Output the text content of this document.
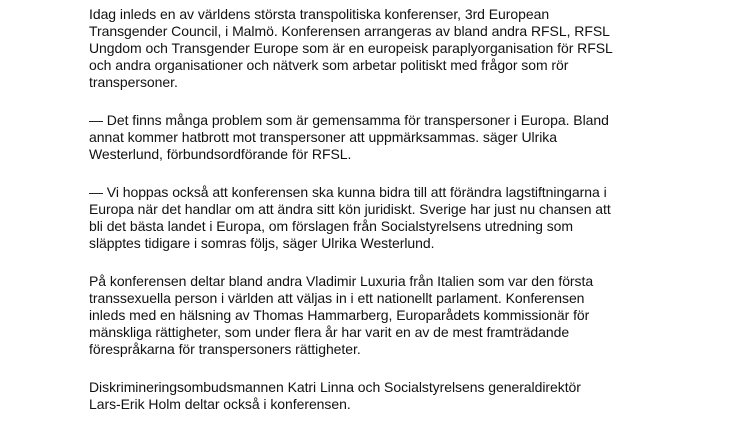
Idag inleds en av världens största transpolitiska konferenser, 3rd European
Transgender Council, i Malmö. Konferensen arrangeras av bland andra RFSL, RFSL
Ungdom och Transgender Europe som är en europeisk paraplyorganisation för RFSL
och andra organisationer och nätverk som arbetar politiskt med frågor som rör
transpersoner.

— Det finns många problem som är gemensamma för transpersoner i Europa. Bland
annat kommer hatbrott mot transpersoner att uppmärksammas. säger Ulrika
Westerlund, förbundsordförande för RFSL.

— Vi hoppas också att konferensen ska kunna bidra till att förändra lagstiftningarna i
Europa när det handlar om att ändra sitt kön juridiskt. Sverige har just nu chansen att
bli det bästa landet i Europa, om förslagen från Socialstyrelsens utredning som
släpptes tidigare i somras följs, säger Ulrika Westerlund.

På konferensen deltar bland andra Vladimir Luxuria från Italien som var den första
transsexuella person i världen att väljas in i ett nationellt parlament. Konferensen
inleds med en hälsning av Thomas Hammarberg, Europarådets kommissionär för
mänskliga rättigheter, som under flera år har varit en av de mest framträdande
förespråkarna för transpersoners rättigheter.

Diskrimineringsombudsmannen Katri Linna och Socialstyrelsens generaldirektör
Lars-Erik Holm deltar också i konferensen.
